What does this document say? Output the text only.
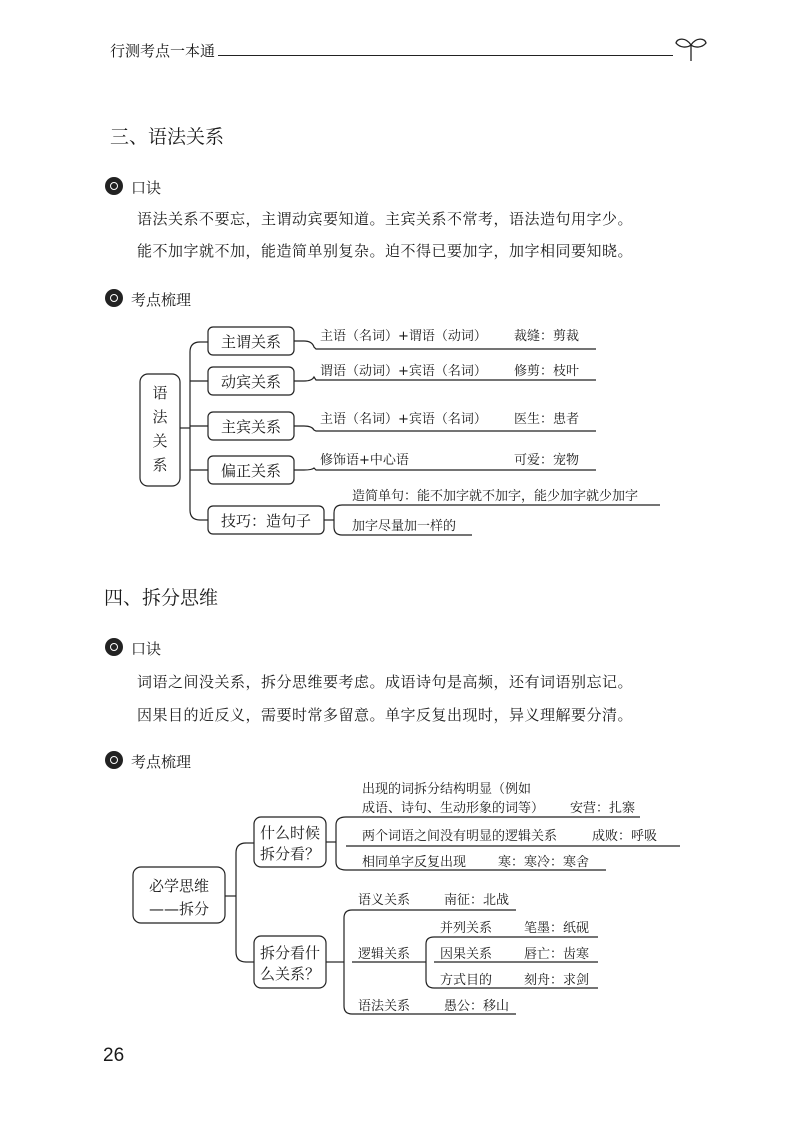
行测考点一本通
三、语法关系
口诀
语法关系不要忘，主谓动宾要知道。主宾关系不常考，语法造句用字少。
能不加字就不加，能造简单别复杂。迫不得已要加字，加字相同要知晓。
考点梳理
语
法
关
系
主谓关系
动宾关系
主宾关系
偏正关系
技巧：造句子
主语（名词）+谓语（动词） 裁缝：剪裁
谓语（动词）+宾语（名词） 修剪：枝叶
主语（名词）+宾语（名词） 医生：患者
修饰语+中心语	可爱：宠物
造简单句：能不加字就不加字，能少加字就少加字
加字尽量加一样的
四、拆分思维
口诀
词语之间没关系，拆分思维要考虑。成语诗句是高频，还有词语别忘记。
因果目的近反义，需要时常多留意。单字反复出现时，异义理解要分清。
考点梳理
必学思维
——拆分
什么时候
拆分看？
拆分看什
么关系？
出现的词拆分结构明显（例如
成语、诗句、生动形象的词等） 安营：扎寨
两个词语之间没有明显的逻辑关系	成败：呼吸
相同单字反复出现 寒：寒冷：寒舍
语义关系	南征：北战
逻辑关系
并列关系 笔墨：纸砚
因果关系 唇亡：齿寒
方式目的 刻舟：求剑
语法关系	愚公：移山
26
